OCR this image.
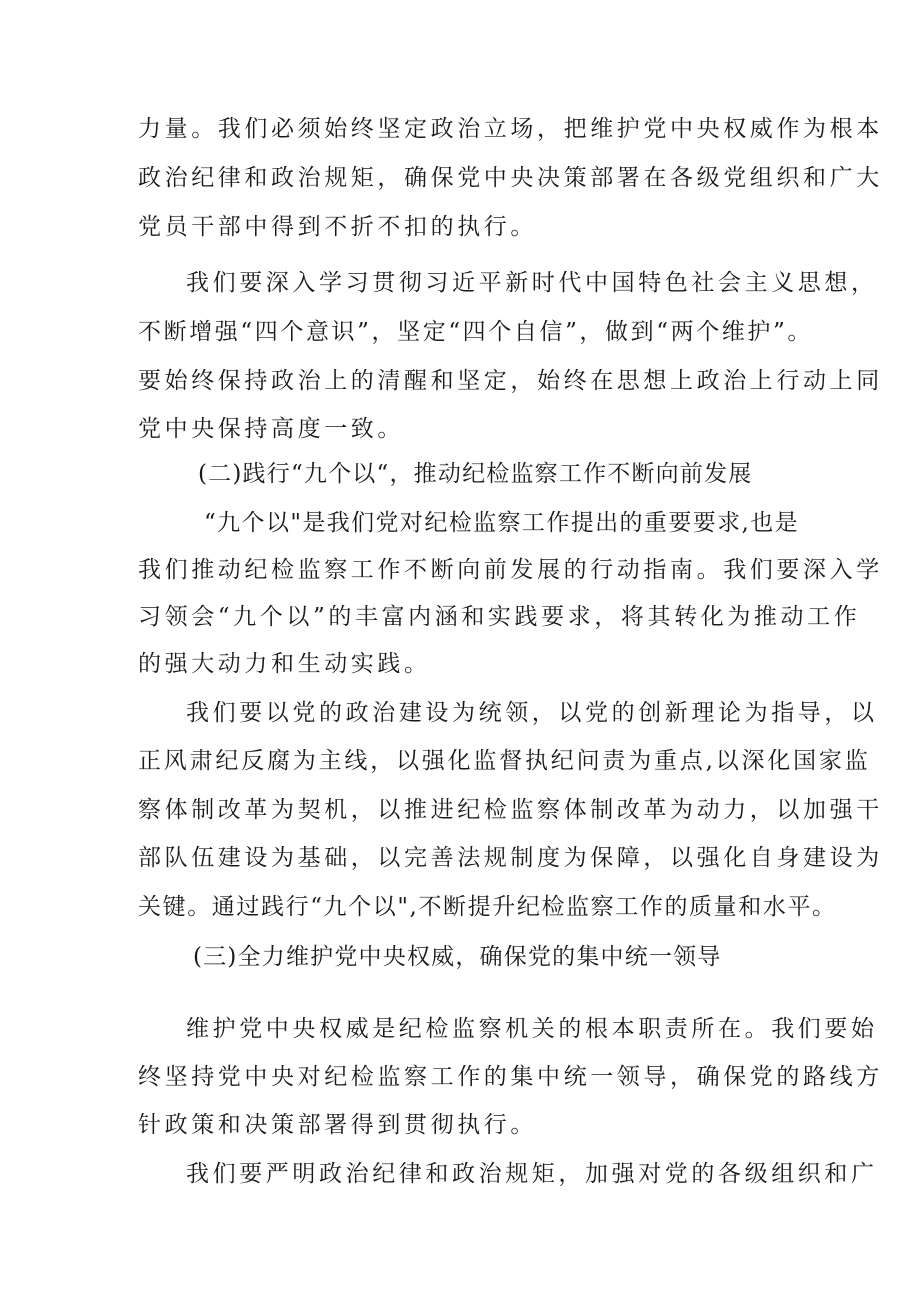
力量。我们必须始终坚定政治立场，把维护党中央权威作为根本
政治纪律和政治规矩，确保党中央决策部署在各级党组织和广大
党员干部中得到不折不扣的执行。
我们要深入学习贯彻习近平新时代中国特色社会主义思想，
不断增强“四个意识”，坚定“四个自信”，做到“两个维护”。
要始终保持政治上的清醒和坚定，始终在思想上政治上行动上同
党中央保持高度一致。
(二)践行“九个以“，推动纪检监察工作不断向前发展
“九个以"是我们党对纪检监察工作提出的重要要求,也是
我们推动纪检监察工作不断向前发展的行动指南。我们要深入学
习领会“九个以”的丰富内涵和实践要求，将其转化为推动工作
的强大动力和生动实践。
我们要以党的政治建设为统领，以党的创新理论为指导，以
正风肃纪反腐为主线，以强化监督执纪问责为重点,以深化国家监
察体制改革为契机，以推进纪检监察体制改革为动力，以加强干
部队伍建设为基础，以完善法规制度为保障，以强化自身建设为
关键。通过践行“九个以",不断提升纪检监察工作的质量和水平。
(三)全力维护党中央权威，确保党的集中统一领导
维护党中央权威是纪检监察机关的根本职责所在。我们要始
终坚持党中央对纪检监察工作的集中统一领导，确保党的路线方
针政策和决策部署得到贯彻执行。
我们要严明政治纪律和政治规矩，加强对党的各级组织和广
